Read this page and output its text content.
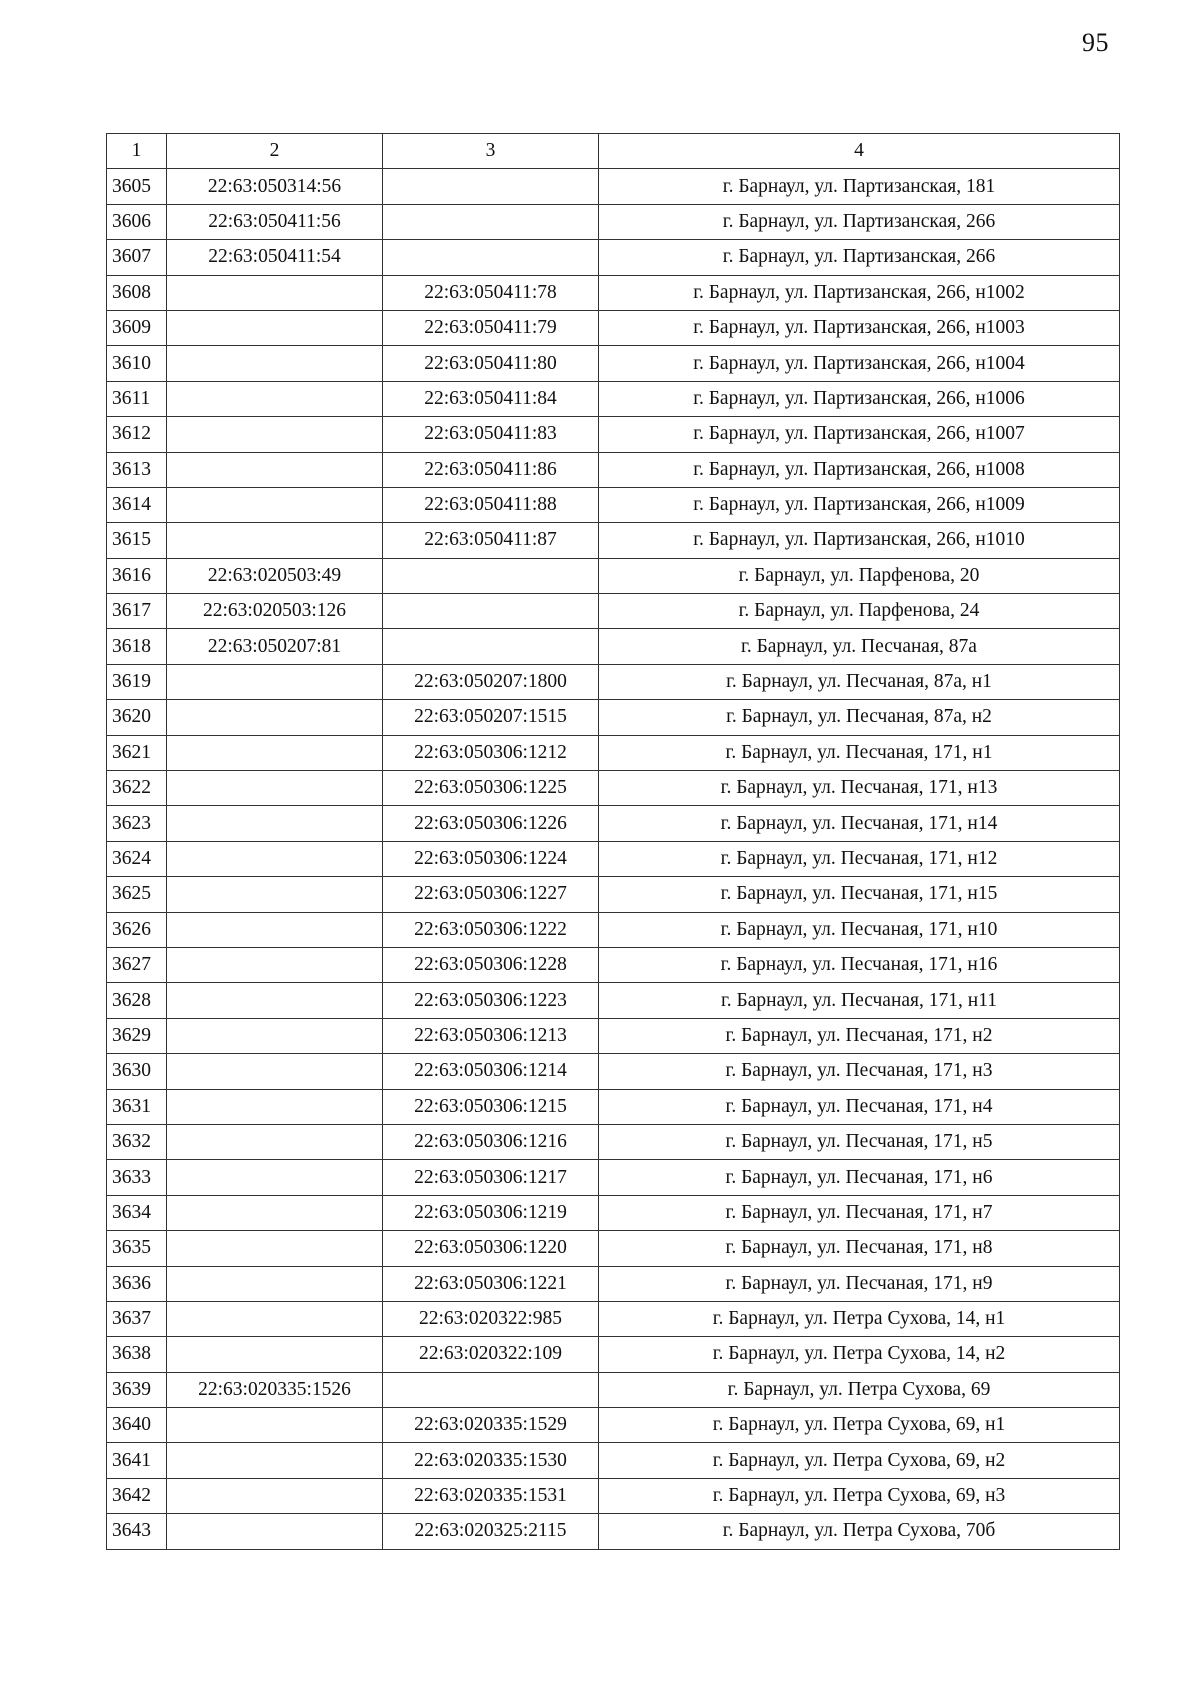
95
1	2	3	4
3605	22:63:050314:56		г. Барнаул, ул. Партизанская, 181
3606	22:63:050411:56		г. Барнаул, ул. Партизанская, 266
3607	22:63:050411:54		г. Барнаул, ул. Партизанская, 266
3608		22:63:050411:78	г. Барнаул, ул. Партизанская, 266, н1002
3609		22:63:050411:79	г. Барнаул, ул. Партизанская, 266, н1003
3610		22:63:050411:80	г. Барнаул, ул. Партизанская, 266, н1004
3611		22:63:050411:84	г. Барнаул, ул. Партизанская, 266, н1006
3612		22:63:050411:83	г. Барнаул, ул. Партизанская, 266, н1007
3613		22:63:050411:86	г. Барнаул, ул. Партизанская, 266, н1008
3614		22:63:050411:88	г. Барнаул, ул. Партизанская, 266, н1009
3615		22:63:050411:87	г. Барнаул, ул. Партизанская, 266, н1010
3616	22:63:020503:49		г. Барнаул, ул. Парфенова, 20
3617	22:63:020503:126		г. Барнаул, ул. Парфенова, 24
3618	22:63:050207:81		г. Барнаул, ул. Песчаная, 87а
3619		22:63:050207:1800	г. Барнаул, ул. Песчаная, 87а, н1
3620		22:63:050207:1515	г. Барнаул, ул. Песчаная, 87а, н2
3621		22:63:050306:1212	г. Барнаул, ул. Песчаная, 171, н1
3622		22:63:050306:1225	г. Барнаул, ул. Песчаная, 171, н13
3623		22:63:050306:1226	г. Барнаул, ул. Песчаная, 171, н14
3624		22:63:050306:1224	г. Барнаул, ул. Песчаная, 171, н12
3625		22:63:050306:1227	г. Барнаул, ул. Песчаная, 171, н15
3626		22:63:050306:1222	г. Барнаул, ул. Песчаная, 171, н10
3627		22:63:050306:1228	г. Барнаул, ул. Песчаная, 171, н16
3628		22:63:050306:1223	г. Барнаул, ул. Песчаная, 171, н11
3629		22:63:050306:1213	г. Барнаул, ул. Песчаная, 171, н2
3630		22:63:050306:1214	г. Барнаул, ул. Песчаная, 171, н3
3631		22:63:050306:1215	г. Барнаул, ул. Песчаная, 171, н4
3632		22:63:050306:1216	г. Барнаул, ул. Песчаная, 171, н5
3633		22:63:050306:1217	г. Барнаул, ул. Песчаная, 171, н6
3634		22:63:050306:1219	г. Барнаул, ул. Песчаная, 171, н7
3635		22:63:050306:1220	г. Барнаул, ул. Песчаная, 171, н8
3636		22:63:050306:1221	г. Барнаул, ул. Песчаная, 171, н9
3637		22:63:020322:985	г. Барнаул, ул. Петра Сухова, 14, н1
3638		22:63:020322:109	г. Барнаул, ул. Петра Сухова, 14, н2
3639	22:63:020335:1526		г. Барнаул, ул. Петра Сухова, 69
3640		22:63:020335:1529	г. Барнаул, ул. Петра Сухова, 69, н1
3641		22:63:020335:1530	г. Барнаул, ул. Петра Сухова, 69, н2
3642		22:63:020335:1531	г. Барнаул, ул. Петра Сухова, 69, н3
3643		22:63:020325:2115	г. Барнаул, ул. Петра Сухова, 70б
